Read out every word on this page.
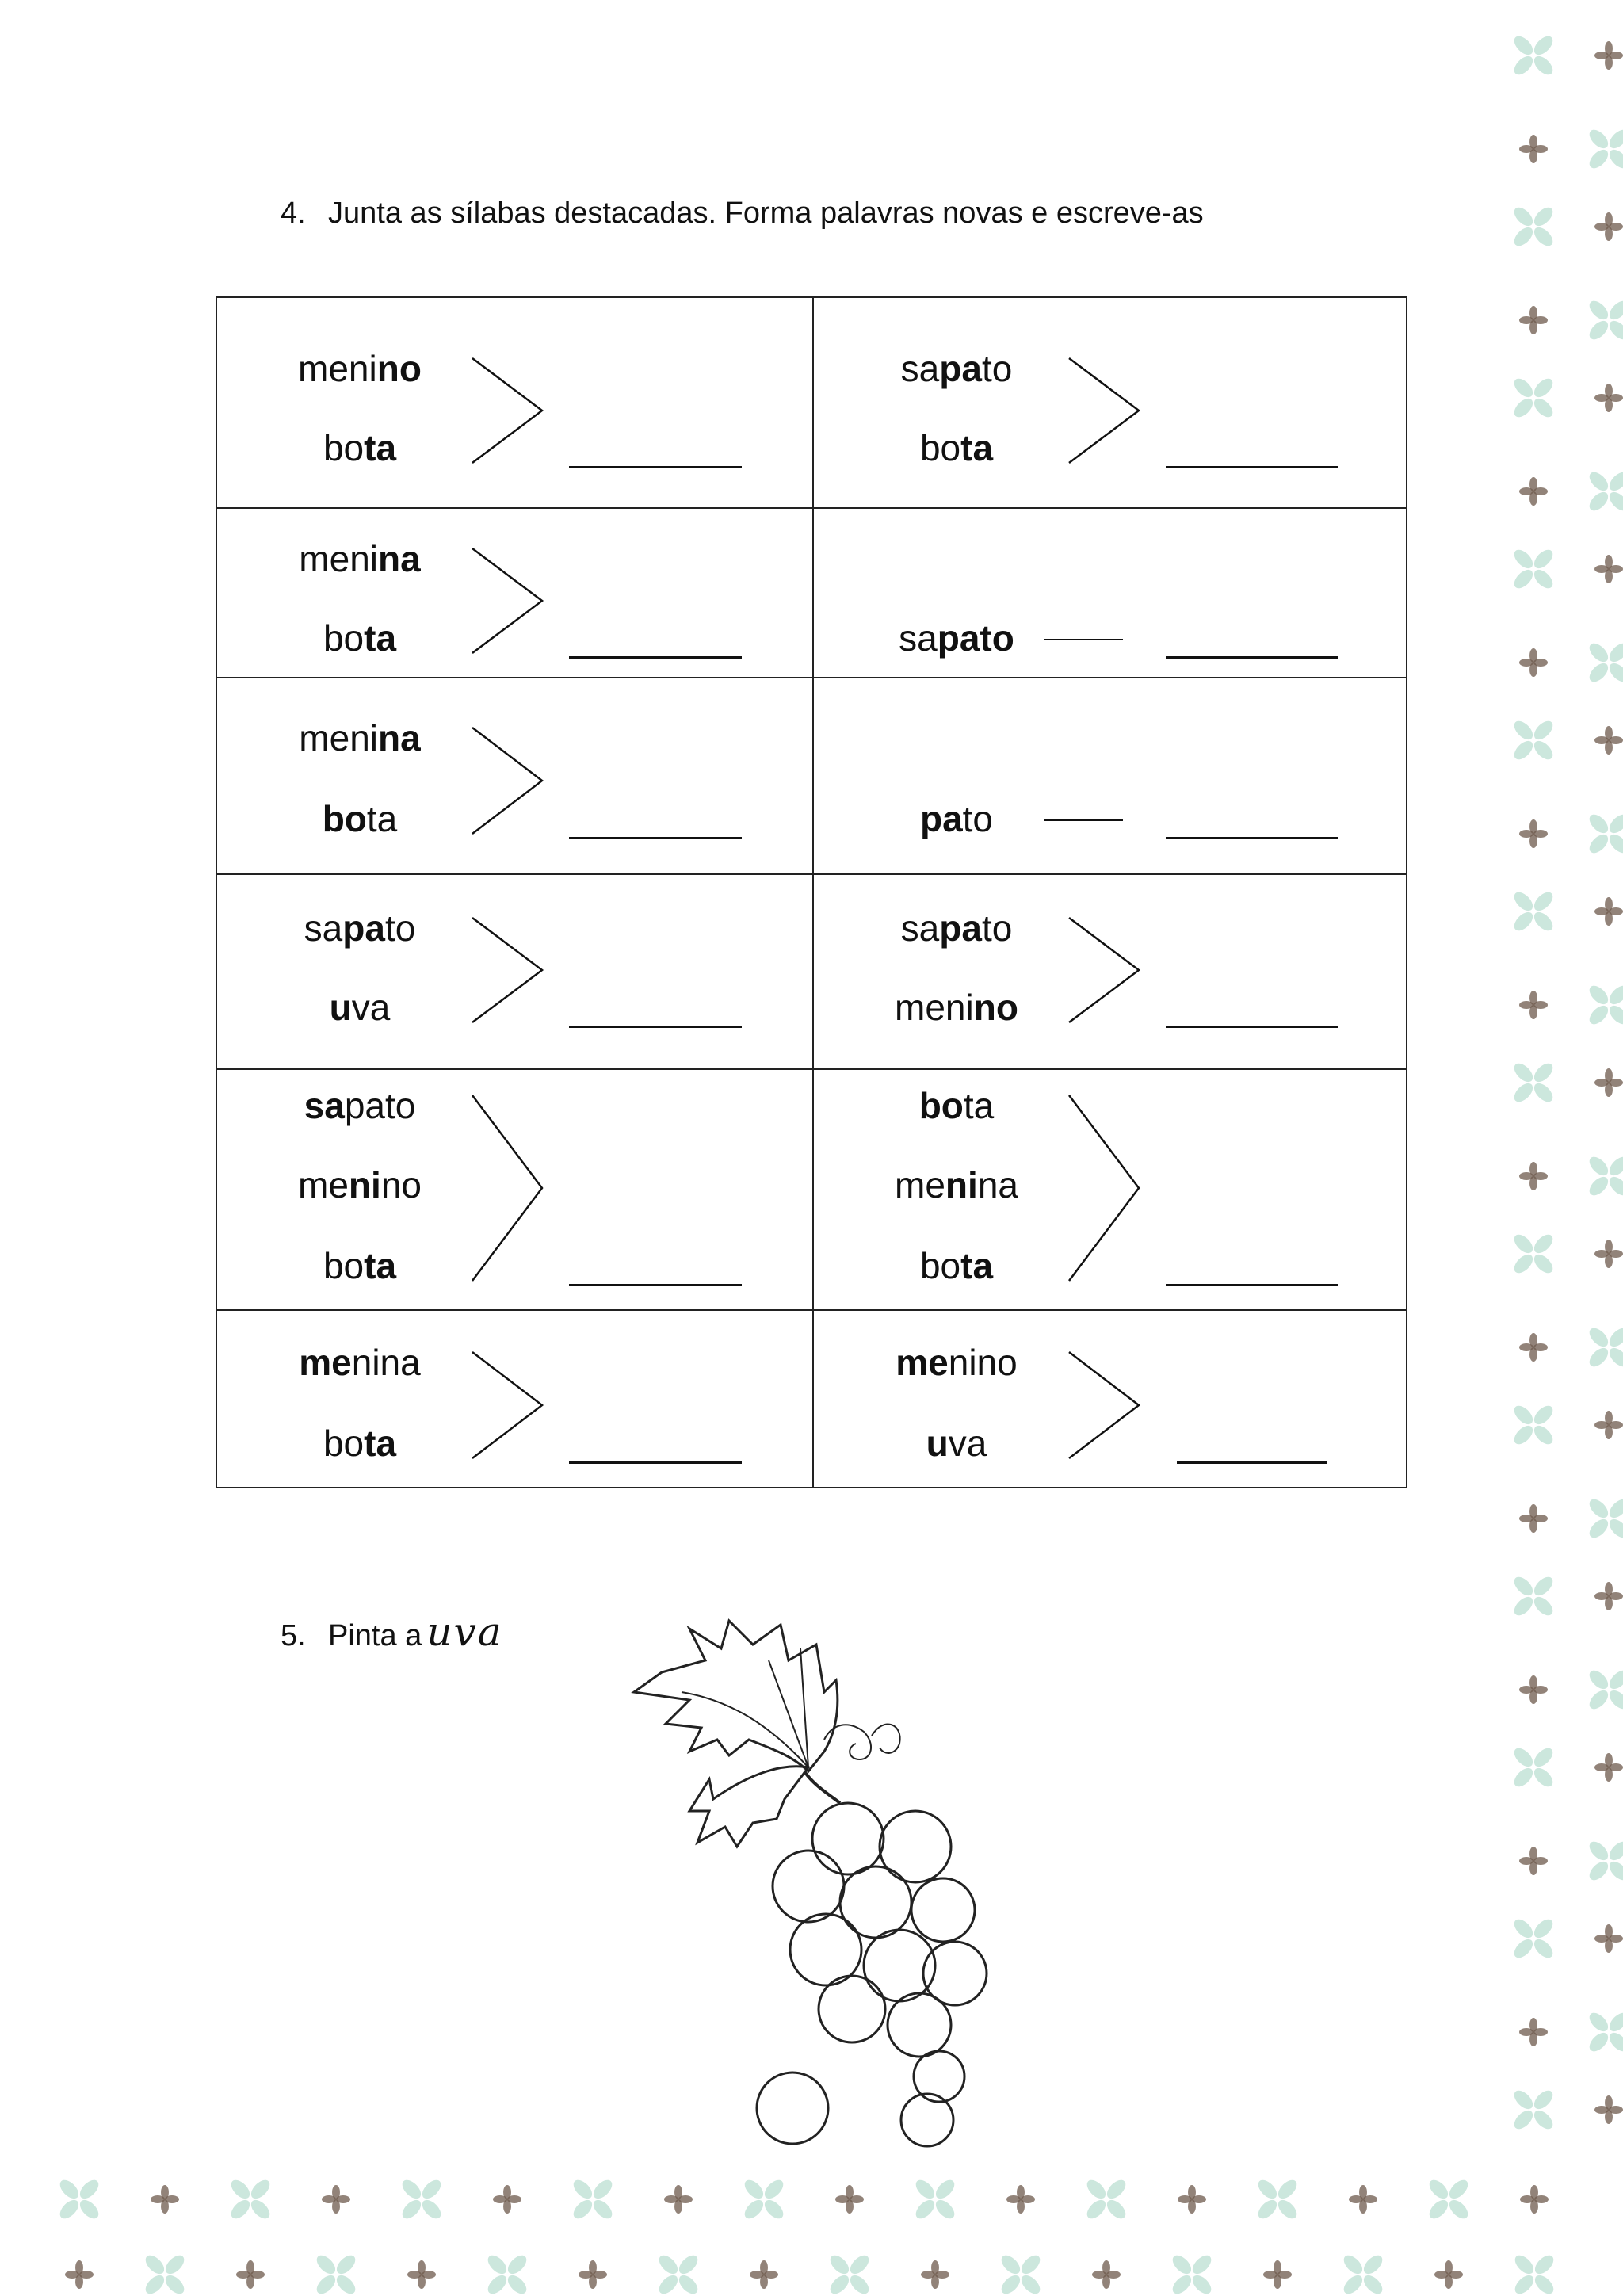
4. Junta as sílabas destacadas. Forma palavras novas e escreve-as
menino
bota
sapato
bota
menina
bota	sapato
menina
bota	pato
sapato
uva
sapato
menino
sapato
menino
bota
bota
menina
bota
menina
bota
menino
uva
5. Pinta a uva
